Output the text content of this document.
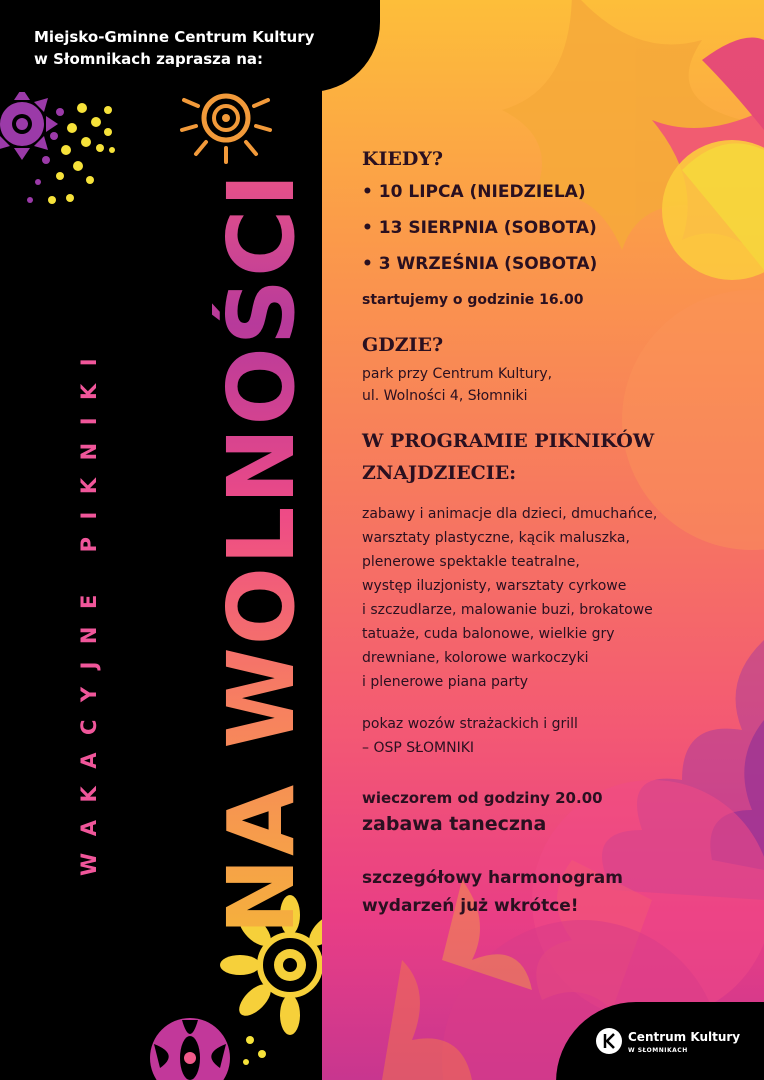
WAKACYJNE PIKNIKI NA WOLNOŚCI
Miejsko-Gminne Centrum Kultury
w Słomnikach zaprasza na:
KIEDY?
• 10 LIPCA (NIEDZIELA)
• 13 SIERPNIA (SOBOTA)
• 3 WRZEŚNIA (SOBOTA)
startujemy o godzinie 16.00
GDZIE?
park przy Centrum Kultury,
ul. Wolności 4, Słomniki
W PROGRAMIE PIKNIKÓW
ZNAJDZIECIE:
zabawy i animacje dla dzieci, dmuchańce,
warsztaty plastyczne, kącik maluszka,
plenerowe spektakle teatralne,
występ iluzjonisty, warsztaty cyrkowe
i szczudlarze, malowanie buzi, brokatowe
tatuaże, cuda balonowe, wielkie gry
drewniane, kolorowe warkoczyki
i plenerowe piana party
pokaz wozów strażackich i grill
– OSP SŁOMNIKI
wieczorem od godziny 20.00
zabawa taneczna
szczegółowy harmonogram
wydarzeń już wkrótce!
Centrum Kultury
W SŁOMNIKACH
